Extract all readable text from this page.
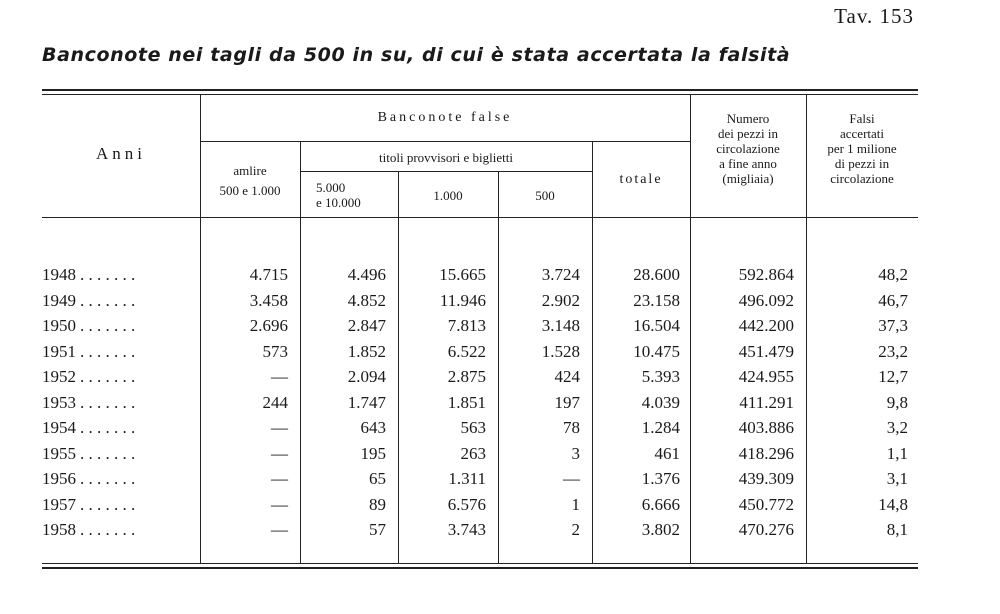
Tav. 153
Banconote nei tagli da 500 in su, di cui è stata accertata la falsità
Anni
Banconote false
amlire
500 e 1.000
titoli provvisori e biglietti
5.000
e 10.000	1.000	500
totale
Numero
dei pezzi in
circolazione
a fine anno
(migliaia)
Falsi
accertati
per 1 milione
di pezzi in
circolazione
1948 . . . . . . .	4.715	4.496	15.665	3.724	28.600	592.864	48,2
1949 . . . . . . .	3.458	4.852	11.946	2.902	23.158	496.092	46,7
1950 . . . . . . .	2.696	2.847	7.813	3.148	16.504	442.200	37,3
1951 . . . . . . .	573	1.852	6.522	1.528	10.475	451.479	23,2
1952 . . . . . . .	—	2.094	2.875	424	5.393	424.955	12,7
1953 . . . . . . .	244	1.747	1.851	197	4.039	411.291	9,8
1954 . . . . . . .	—	643	563	78	1.284	403.886	3,2
1955 . . . . . . .	—	195	263	3	461	418.296	1,1
1956 . . . . . . .	—	65	1.311	—	1.376	439.309	3,1
1957 . . . . . . .	—	89	6.576	1	6.666	450.772	14,8
1958 . . . . . . .	—	57	3.743	2	3.802	470.276	8,1
